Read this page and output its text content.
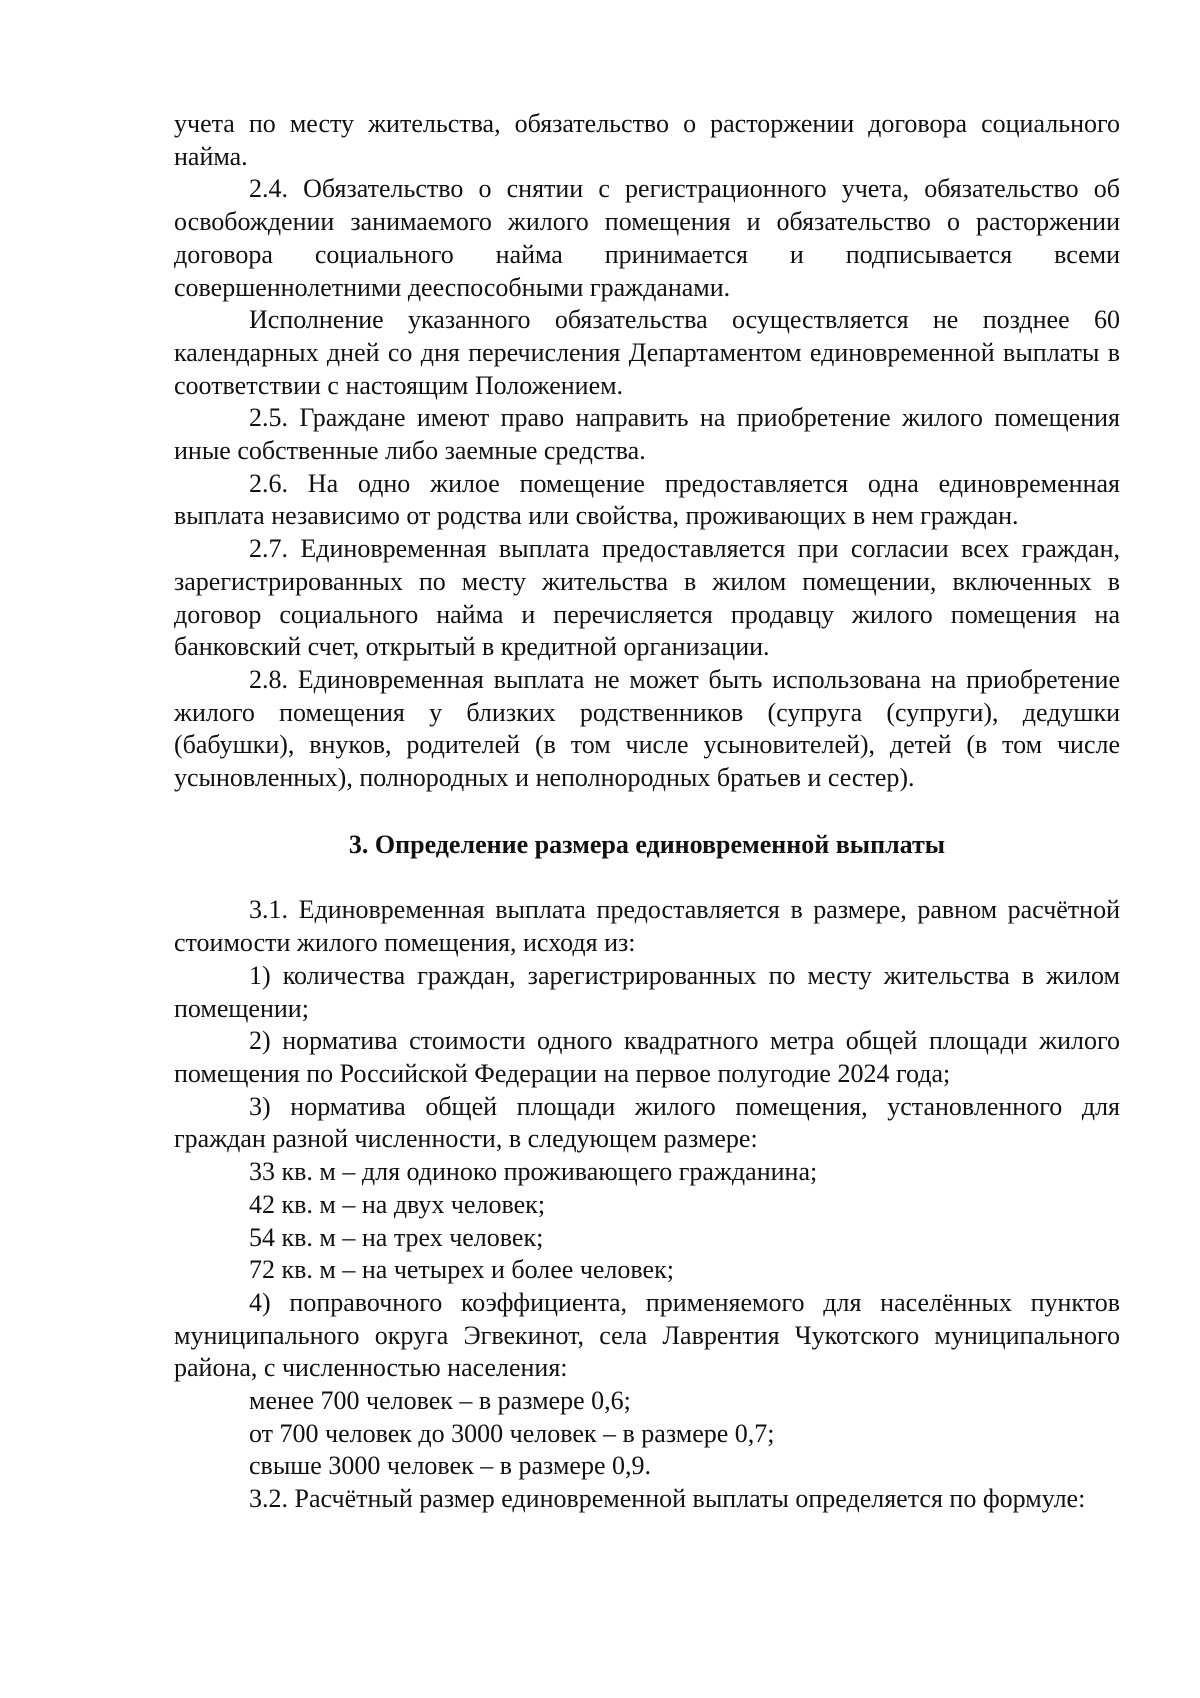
учета по месту жительства, обязательство о расторжении договора социального найма.

2.4. Обязательство о снятии с регистрационного учета, обязательство об освобождении занимаемого жилого помещения и обязательство о расторжении договора социального найма принимается и подписывается всеми совершеннолетними дееспособными гражданами.

Исполнение указанного обязательства осуществляется не позднее 60 календарных дней со дня перечисления Департаментом единовременной выплаты в соответствии с настоящим Положением.

2.5. Граждане имеют право направить на приобретение жилого помещения иные собственные либо заемные средства.

2.6. На одно жилое помещение предоставляется одна единовременная выплата независимо от родства или свойства, проживающих в нем граждан.

2.7. Единовременная выплата предоставляется при согласии всех граждан, зарегистрированных по месту жительства в жилом помещении, включенных в договор социального найма и перечисляется продавцу жилого помещения на банковский счет, открытый в кредитной организации.

2.8. Единовременная выплата не может быть использована на приобретение жилого помещения у близких родственников (супруга (супруги), дедушки (бабушки), внуков, родителей (в том числе усыновителей), детей (в том числе усыновленных), полнородных и неполнородных братьев и сестер).

3. Определение размера единовременной выплаты

3.1. Единовременная выплата предоставляется в размере, равном расчётной стоимости жилого помещения, исходя из:

1) количества граждан, зарегистрированных по месту жительства в жилом помещении;

2) норматива стоимости одного квадратного метра общей площади жилого помещения по Российской Федерации на первое полугодие 2024 года;

3) норматива общей площади жилого помещения, установленного для граждан разной численности, в следующем размере:

33 кв. м – для одиноко проживающего гражданина;

42 кв. м – на двух человек;

54 кв. м – на трех человек;

72 кв. м – на четырех и более человек;

4) поправочного коэффициента, применяемого для населённых пунктов муниципального округа Эгвекинот, села Лаврентия Чукотского муниципального района, с численностью населения:

менее 700 человек – в размере 0,6;

от 700 человек до 3000 человек – в размере 0,7;

свыше 3000 человек – в размере 0,9.

3.2. Расчётный размер единовременной выплаты определяется по формуле:
